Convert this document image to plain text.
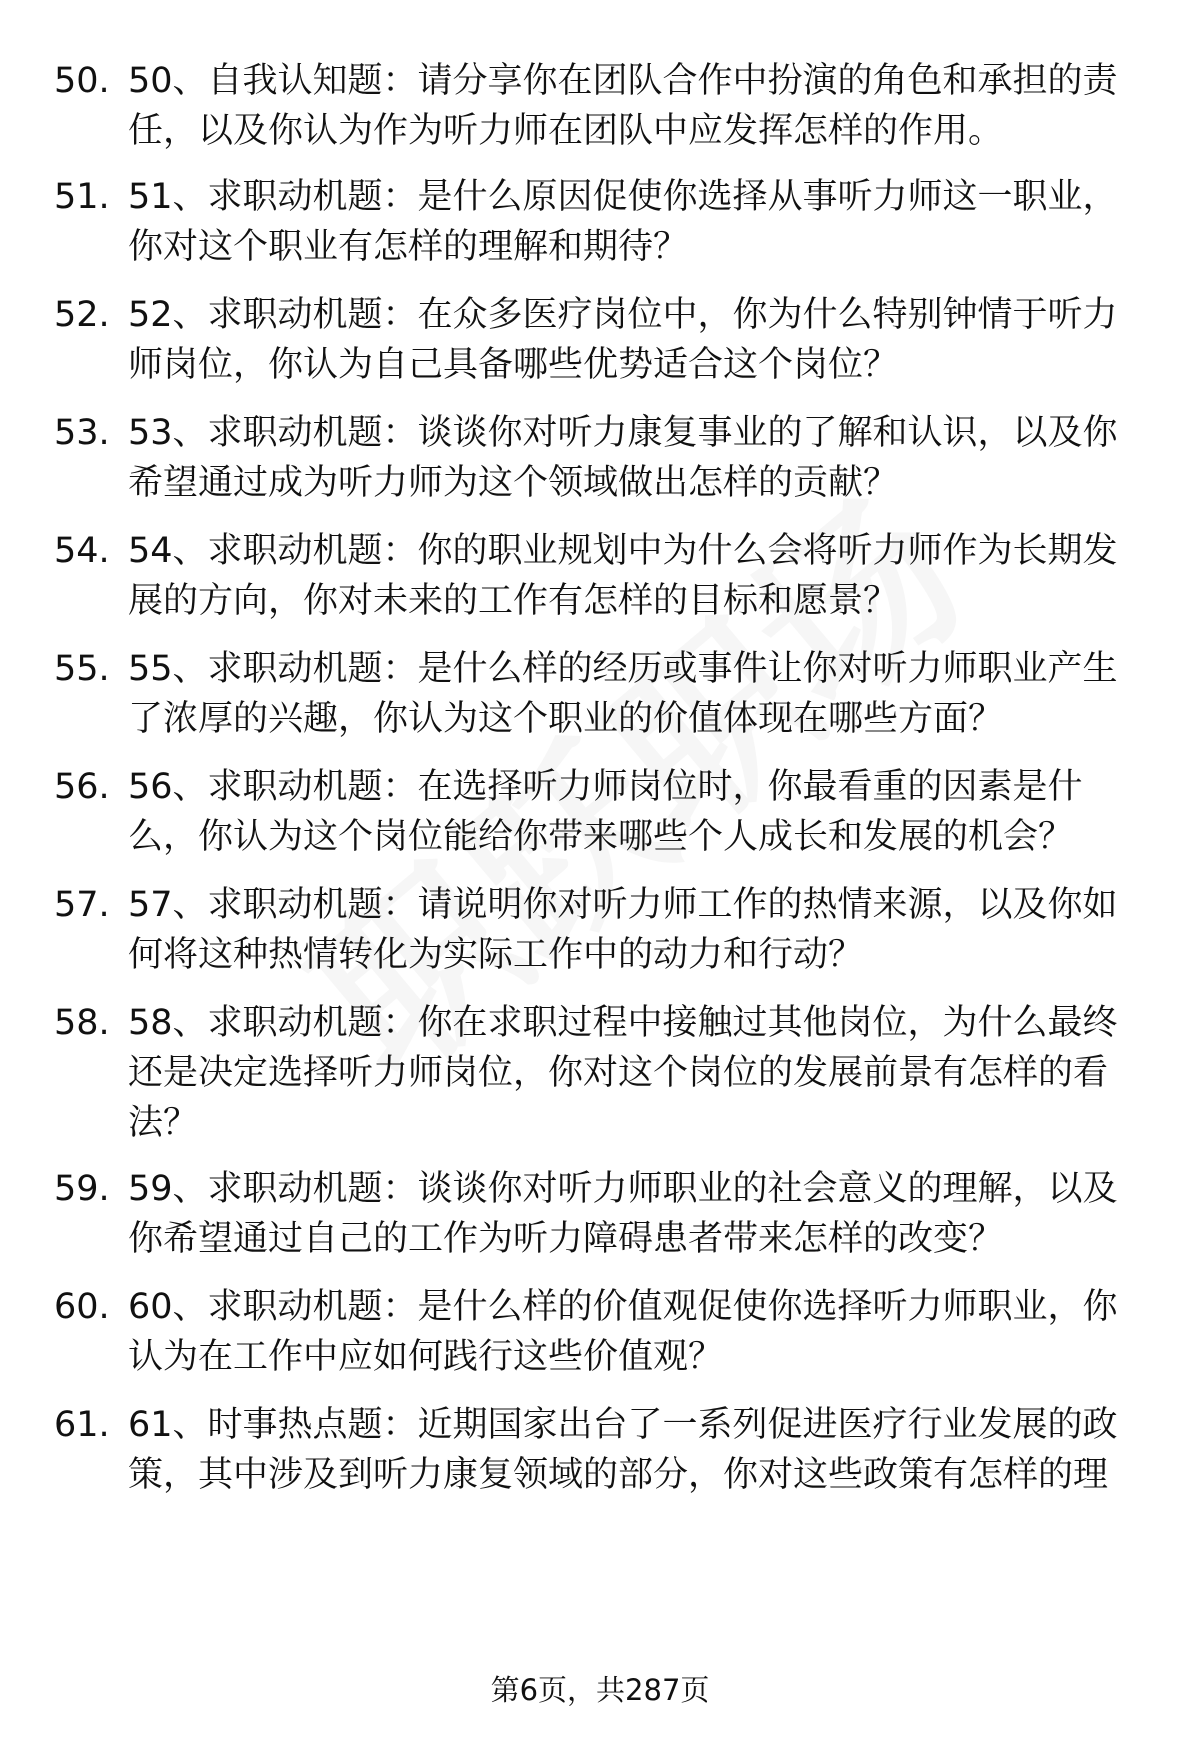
50. 50、自我认知题：请分享你在团队合作中扮演的角色和承担的责任，以及你认为作为听力师在团队中应发挥怎样的作用。
51. 51、求职动机题：是什么原因促使你选择从事听力师这一职业，你对这个职业有怎样的理解和期待？
52. 52、求职动机题：在众多医疗岗位中，你为什么特别钟情于听力师岗位，你认为自己具备哪些优势适合这个岗位？
53. 53、求职动机题：谈谈你对听力康复事业的了解和认识，以及你希望通过成为听力师为这个领域做出怎样的贡献？
54. 54、求职动机题：你的职业规划中为什么会将听力师作为长期发展的方向，你对未来的工作有怎样的目标和愿景？
55. 55、求职动机题：是什么样的经历或事件让你对听力师职业产生了浓厚的兴趣，你认为这个职业的价值体现在哪些方面？
56. 56、求职动机题：在选择听力师岗位时，你最看重的因素是什么，你认为这个岗位能给你带来哪些个人成长和发展的机会？
57. 57、求职动机题：请说明你对听力师工作的热情来源，以及你如何将这种热情转化为实际工作中的动力和行动？
58. 58、求职动机题：你在求职过程中接触过其他岗位，为什么最终还是决定选择听力师岗位，你对这个岗位的发展前景有怎样的看法？
59. 59、求职动机题：谈谈你对听力师职业的社会意义的理解，以及你希望通过自己的工作为听力障碍患者带来怎样的改变？
60. 60、求职动机题：是什么样的价值观促使你选择听力师职业，你认为在工作中应如何践行这些价值观？
61. 61、时事热点题：近期国家出台了一系列促进医疗行业发展的政策，其中涉及到听力康复领域的部分，你对这些政策有怎样的理
第6页，共287页
